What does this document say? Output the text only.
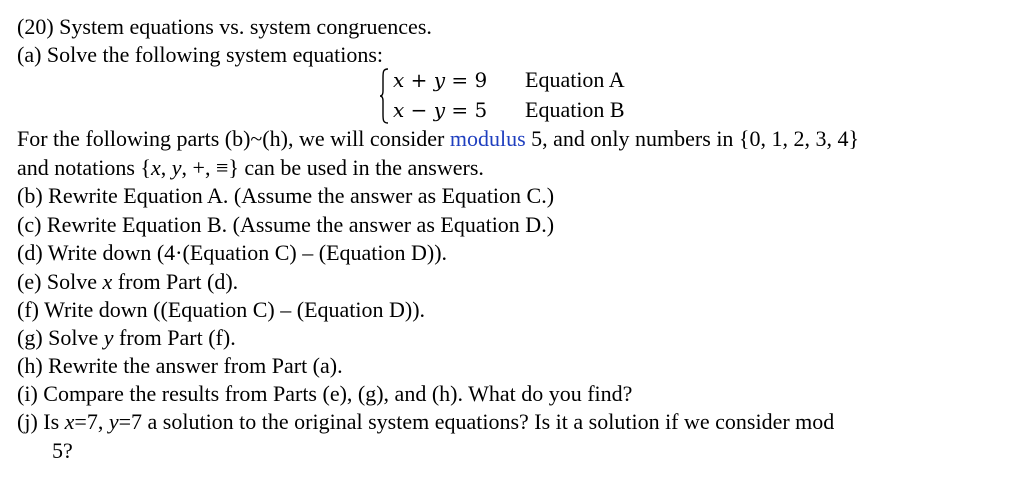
(20) System equations vs. system congruences.
(a) Solve the following system equations:
x + y = 9 Equation A
x − y = 5 Equation B
For the following parts (b)~(h), we will consider modulus 5, and only numbers in {0, 1, 2, 3, 4}
and notations {x, y, +, ≡} can be used in the answers.
(b) Rewrite Equation A. (Assume the answer as Equation C.)
(c) Rewrite Equation B. (Assume the answer as Equation D.)
(d) Write down (4·(Equation C) – (Equation D)).
(e) Solve x from Part (d).
(f) Write down ((Equation C) – (Equation D)).
(g) Solve y from Part (f).
(h) Rewrite the answer from Part (a).
(i) Compare the results from Parts (e), (g), and (h). What do you find?
(j) Is x=7, y=7 a solution to the original system equations? Is it a solution if we consider mod
5?
